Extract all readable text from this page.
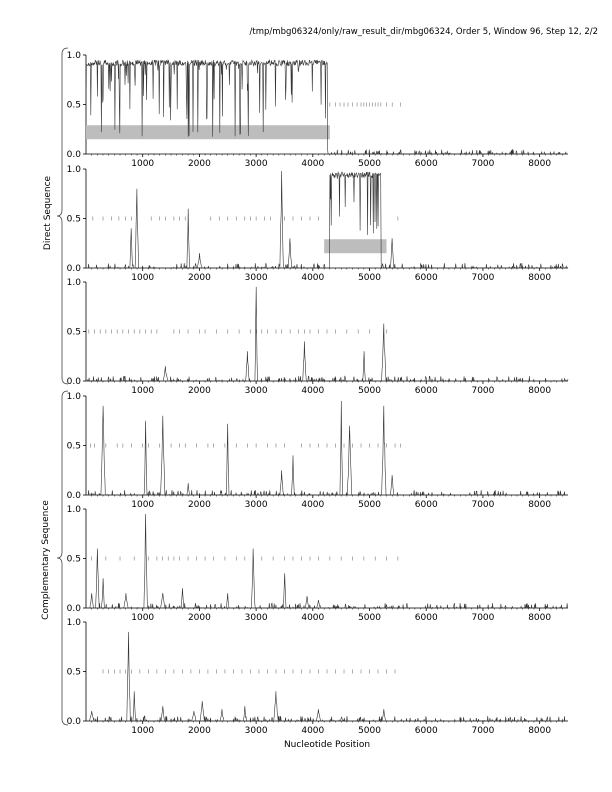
/tmp/mbg06324/only/raw_result_dir/mbg06324, Order 5, Window 96, Step 12, 2/2
0.0
0.5
1.0
1000	2000	3000	4000	5000	6000	7000	8000
0.0
0.5
1.0
1000	2000	3000	4000	5000	6000	7000	8000
0.0
0.5
1.0
1000	2000	3000	4000	5000	6000	7000	8000
0.0
0.5
1.0
1000	2000	3000	4000	5000	6000	7000	8000
0.0
0.5
1.0
1000	2000	3000	4000	5000	6000	7000	8000
0.0
0.5
1.0
1000	2000	3000	4000	5000	6000	7000	8000
Direct Sequence
Complementary Sequence
Nucleotide Position
